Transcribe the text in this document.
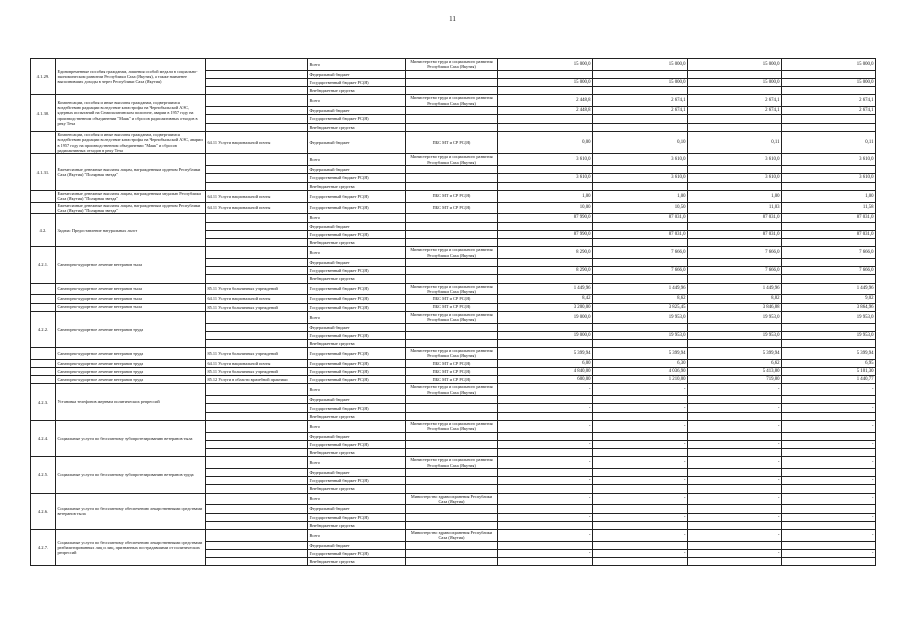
11
4.1.29.	Единовременные пособия гражданам, лишения особой медали в социально-экономическом развитии Республики Саха (Якутия), а также наименее выполнивших доходы в через Республики Саха (Якутия)		Всего	Министерство труда и социального развития Республики Саха (Якутия)	15 000,0	15 000,0	15 000,0	15 000,0
			Федеральный бюджет					
			Государственный бюджет РС(Я)		15 000,0	15 000,0	15 000,0	15 000,0
			Внебюджетные средства					
4.1.30.	Компенсации, пособия и иные выплаты гражданам, подвергшимся воздействию радиации вследствие катастрофы на Чернобыльской АЭС, ядерных испытаний на Семипалатинском полигоне, аварии в 1957 году на производственном объединении "Маяк" и сбросов радиоактивных отходов в реку Теча		Всего	Министерство труда и социального развития Республики Саха (Якутия)	2 448,8	2 674,1	2 674,1	2 674,1
			Федеральный бюджет		2 448,8	2 674,1	2 674,1	2 674,1
			Государственный бюджет РС(Я)					
			Внебюджетные средства					
	Компенсации, пособия и иные выплаты гражданам, подвергшимся воздействию радиации вследствие катастрофы на Чернобыльской АЭС, аварии в 1957 году на производственном объединении "Маяк" и сбросов радиоактивных отходов в реку Теча	64.11 Услуги национальной почты	Федеральный бюджет	ПБС МТ и СР РС(Я)	0,00	0,10	0,11	0,11
4.1.31.	Ежемесячные денежные выплаты лицам, награжденным орденом Республики Саха (Якутия) "Полярная звезда"		Всего	Министерство труда и социального развития Республики Саха (Якутия)	3 610,0	3 610,0	3 610,0	3 610,0
			Федеральный бюджет					
			Государственный бюджет РС(Я)		3 610,0	3 610,0	3 610,0	3 610,0
			Внебюджетные средства					
	Ежемесячные денежные выплаты лицам, награжденным медалью Республики Саха (Якутия) "Полярная звезда"	64.11 Услуги национальной почты	Государственный бюджет РС(Я)	ПБС МТ и СР РС(Я)	1,00	1,00	1,00	1,00
	Ежемесячные денежные выплаты лицам, награжденным орденом Республики Саха (Якутия) "Полярная звезда"	64.11 Услуги национальной почты	Государственный бюджет РС(Я)	ПБС МТ и СР РС(Я)	10,00	10,50	11,03	11,58
4.2.	Задача: Предоставление натуральных льгот		Всего		87 990,0	87 031,0	87 031,0	87 031,0
			Федеральный бюджет					
			Государственный бюджет РС(Я)		87 990,0	87 031,0	87 031,0	87 031,0
			Внебюджетные средства					
4.2.1.	Санаторно-курортное лечение ветеранов тыла		Всего	Министерство труда и социального развития Республики Саха (Якутия)	8 290,0	7 666,0	7 666,0	7 666,0
			Федеральный бюджет					
			Государственный бюджет РС(Я)		8 290,0	7 666,0	7 666,0	7 666,0
			Внебюджетные средства					
	Санаторно-курортное лечение ветеранов тыла	85.11 Услуги больничных учреждений	Государственный бюджет РС(Я)	Министерство труда и социального развития Республики Саха (Якутия)	1 449,96	1 449,96	1 449,96	1 449,96
	Санаторно-курортное лечение ветеранов тыла	64.11 Услуги национальной почты	Государственный бюджет РС(Я)	ПБС МТ и СР РС(Я)	8,42	8,62	8,82	9,02
	Санаторно-курортное лечение ветеранов тыла	85.11 Услуги больничных учреждений	Государственный бюджет РС(Я)	ПБС МТ и СР РС(Я)	3 200,00	3 825,45	3 846,88	3 864,96
4.2.2.	Санаторно-курортное лечение ветеранов труда		Всего	Министерство труда и социального развития Республики Саха (Якутия)	19 000,0	19 953,0	19 953,0	19 953,0
			Федеральный бюджет					
			Государственный бюджет РС(Я)		19 000,0	19 953,0	19 953,0	19 953,0
			Внебюджетные средства					
	Санаторно-курортное лечение ветеранов труда	85.11 Услуги больничных учреждений	Государственный бюджет РС(Я)	Министерство труда и социального развития Республики Саха (Якутия)	5 399,94	5 399,94	5 399,94	5 399,94
	Санаторно-курортное лечение ветеранов труда	64.11 Услуги национальной почты	Государственный бюджет РС(Я)	ПБС МТ и СР РС(Я)	6,00	6,30	6,62	6,95
	Санаторно-курортное лечение ветеранов труда	85.11 Услуги больничных учреждений	Государственный бюджет РС(Я)	ПБС МТ и СР РС(Я)	4 840,00	4 036,90	5 413,80	5 101,30
	Санаторно-курортное лечение ветеранов труда	85.12 Услуги в области врачебной практики	Государственный бюджет РС(Я)	ПБС МТ и СР РС(Я)	600,00	1 210,00	719,80	1 440,77
4.2.3.	Установка телефонов жертвам политических репрессий		Всего	Министерство труда и социального развития Республики Саха (Якутия)	-	-	-	-
			Федеральный бюджет					
			Государственный бюджет РС(Я)		-	-	-	-
			Внебюджетные средства					
4.2.4.	Социальные услуги по бесплатному зубопротезированию ветеранов тыла		Всего	Министерство труда и социального развития Республики Саха (Якутия)	-	-	-	-
			Федеральный бюджет					
			Государственный бюджет РС(Я)		-	-	-	-
			Внебюджетные средства					
4.2.5.	Социальные услуги по бесплатному зубопротезированию ветеранов труда		Всего	Министерство труда и социального развития Республики Саха (Якутия)	-	-	-	-
			Федеральный бюджет					
			Государственный бюджет РС(Я)		-	-	-	-
			Внебюджетные средства					
4.2.6.	Социальные услуги по бесплатному обеспечению лекарственными средствами ветеранов тыла		Всего	Министерство здравоохранения Республики Саха (Якутия)	-	-	-	-
			Федеральный бюджет					
			Государственный бюджет РС(Я)		-	-	-	-
			Внебюджетные средства					
4.2.7.	Социальные услуги по бесплатному обеспечению лекарственными средствами реабилитированных лиц и лиц, признанных пострадавшими от политических репрессий		Всего	Министерство здравоохранения Республики Саха (Якутия)	-	-	-	-
			Федеральный бюджет					
			Государственный бюджет РС(Я)		-	-	-	-
			Внебюджетные средства					
